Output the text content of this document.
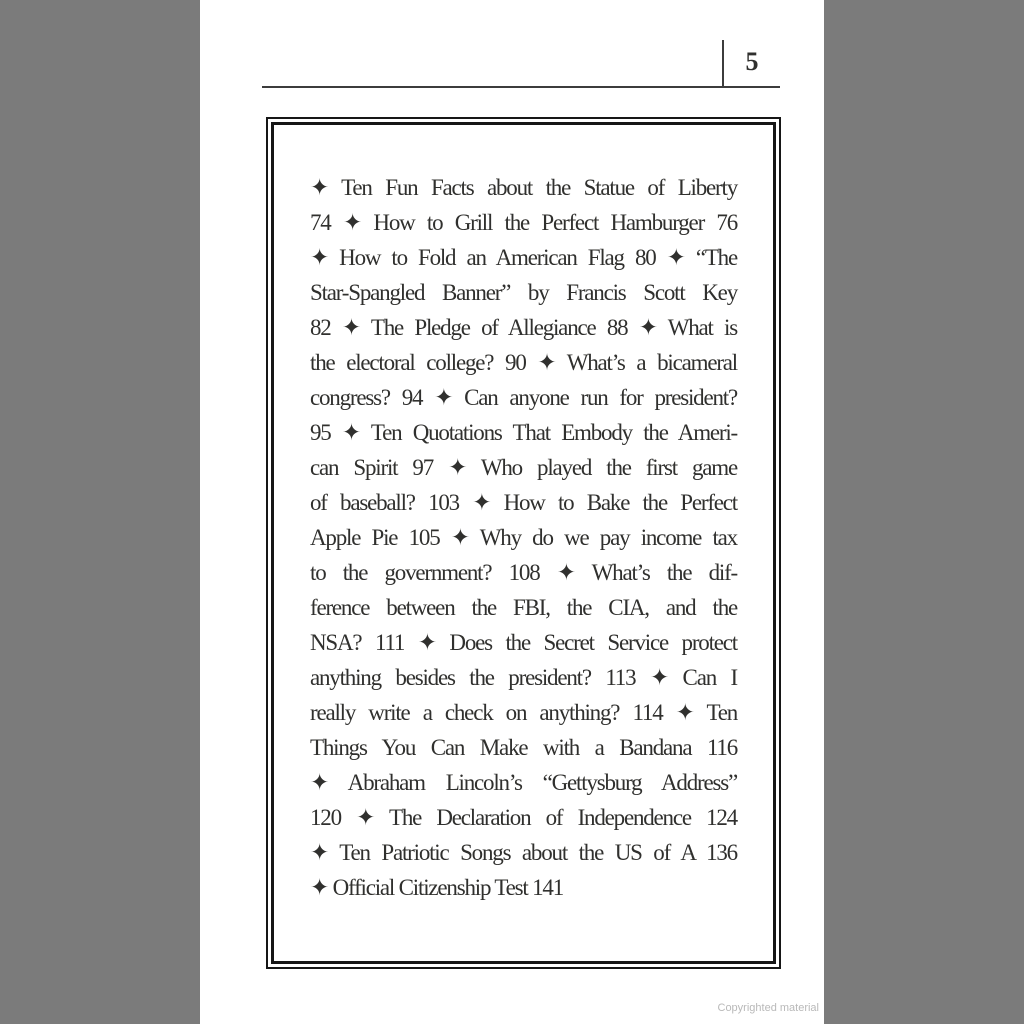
5
✦ Ten Fun Facts about the Statue of Liberty
74 ✦ How to Grill the Perfect Hamburger 76
✦ How to Fold an American Flag 80 ✦ “The
Star-Spangled Banner” by Francis Scott Key
82 ✦ The Pledge of Allegiance 88 ✦ What is
the electoral college? 90 ✦ What’s a bicameral
congress? 94 ✦ Can anyone run for president?
95 ✦ Ten Quotations That Embody the Ameri-
can Spirit 97 ✦ Who played the first game
of baseball? 103 ✦ How to Bake the Perfect
Apple Pie 105 ✦ Why do we pay income tax
to the government? 108 ✦ What’s the dif-
ference between the FBI, the CIA, and the
NSA? 111 ✦ Does the Secret Service protect
anything besides the president? 113 ✦ Can I
really write a check on anything? 114 ✦ Ten
Things You Can Make with a Bandana 116
✦ Abraham Lincoln’s “Gettysburg Address”
120 ✦ The Declaration of Independence 124
✦ Ten Patriotic Songs about the US of A 136
✦ Official Citizenship Test 141
Copyrighted material
